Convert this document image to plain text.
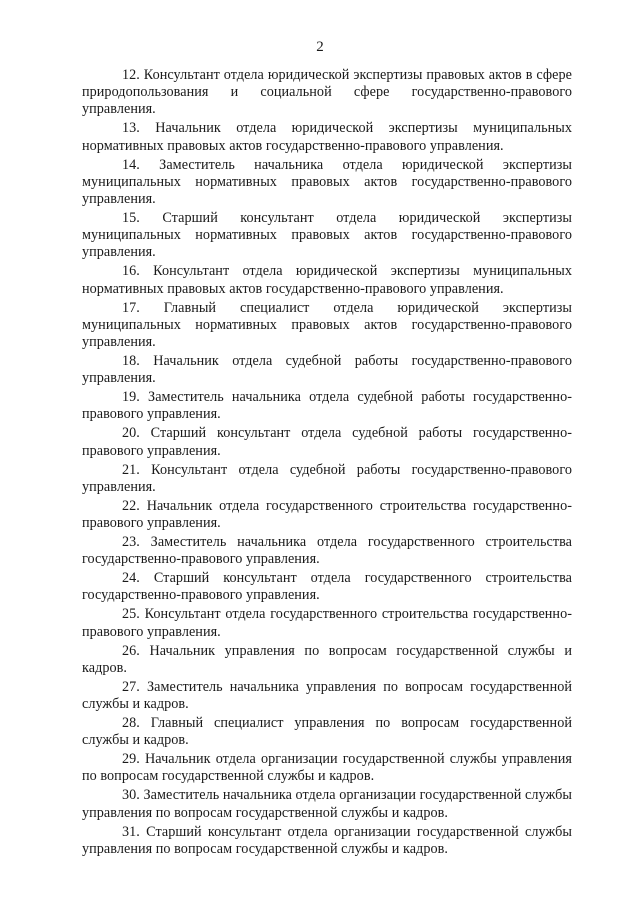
2

12. Консультант отдела юридической экспертизы правовых актов в сфере природопользования и социальной сфере государственно-правового управления.

13. Начальник отдела юридической экспертизы муниципальных нормативных правовых актов государственно-правового управления.

14. Заместитель начальника отдела юридической экспертизы муниципальных нормативных правовых актов государственно-правового управления.

15. Старший консультант отдела юридической экспертизы муниципальных нормативных правовых актов государственно-правового управления.

16. Консультант отдела юридической экспертизы муниципальных нормативных правовых актов государственно-правового управления.

17. Главный специалист отдела юридической экспертизы муниципальных нормативных правовых актов государственно-правового управления.

18. Начальник отдела судебной работы государственно-правового управления.

19. Заместитель начальника отдела судебной работы государственно-правового управления.

20. Старший консультант отдела судебной работы государственно-правового управления.

21. Консультант отдела судебной работы государственно-правового управления.

22. Начальник отдела государственного строительства государственно-правового управления.

23. Заместитель начальника отдела государственного строительства государственно-правового управления.

24. Старший консультант отдела государственного строительства государственно-правового управления.

25. Консультант отдела государственного строительства государственно-правового управления.

26. Начальник управления по вопросам государственной службы и кадров.

27. Заместитель начальника управления по вопросам государственной службы и кадров.

28. Главный специалист управления по вопросам государственной службы и кадров.

29. Начальник отдела организации государственной службы управления по вопросам государственной службы и кадров.

30. Заместитель начальника отдела организации государственной службы управления по вопросам государственной службы и кадров.

31. Старший консультант отдела организации государственной службы управления по вопросам государственной службы и кадров.
